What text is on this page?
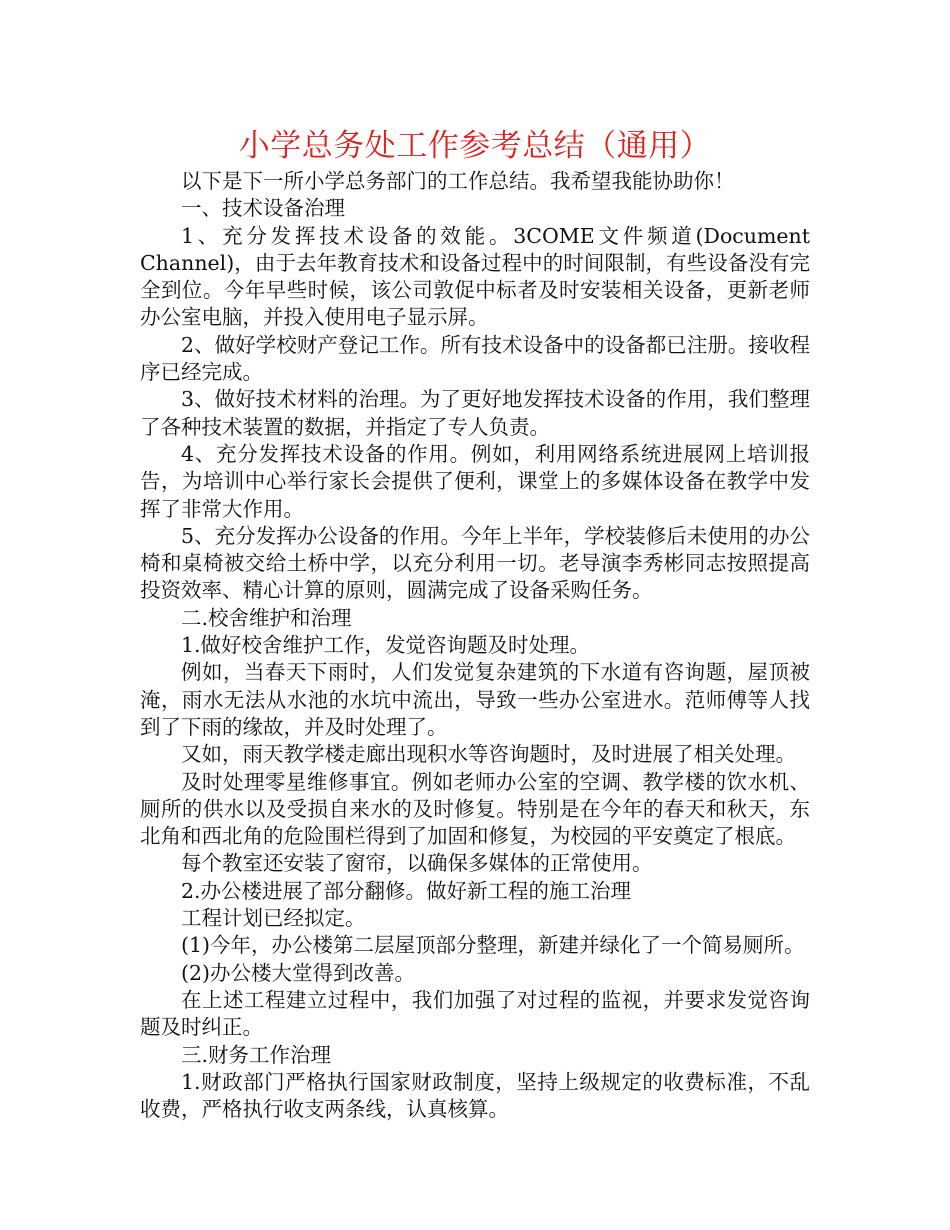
小学总务处工作参考总结（通用）

以下是下一所小学总务部门的工作总结。我希望我能协助你！

一、技术设备治理

1、充分发挥技术设备的效能。3COME文件频道(Document Channel)，由于去年教育技术和设备过程中的时间限制，有些设备没有完全到位。今年早些时候，该公司敦促中标者及时安装相关设备，更新老师办公室电脑，并投入使用电子显示屏。

2、做好学校财产登记工作。所有技术设备中的设备都已注册。接收程序已经完成。

3、做好技术材料的治理。为了更好地发挥技术设备的作用，我们整理了各种技术装置的数据，并指定了专人负责。

4、充分发挥技术设备的作用。例如，利用网络系统进展网上培训报告，为培训中心举行家长会提供了便利，课堂上的多媒体设备在教学中发挥了非常大作用。

5、充分发挥办公设备的作用。今年上半年，学校装修后未使用的办公椅和桌椅被交给土桥中学，以充分利用一切。老导演李秀彬同志按照提高投资效率、精心计算的原则，圆满完成了设备采购任务。

二.校舍维护和治理

1.做好校舍维护工作，发觉咨询题及时处理。

例如，当春天下雨时，人们发觉复杂建筑的下水道有咨询题，屋顶被淹，雨水无法从水池的水坑中流出，导致一些办公室进水。范师傅等人找到了下雨的缘故，并及时处理了。

又如，雨天教学楼走廊出现积水等咨询题时，及时进展了相关处理。

及时处理零星维修事宜。例如老师办公室的空调、教学楼的饮水机、厕所的供水以及受损自来水的及时修复。特别是在今年的春天和秋天，东北角和西北角的危险围栏得到了加固和修复，为校园的平安奠定了根底。

每个教室还安装了窗帘，以确保多媒体的正常使用。

2.办公楼进展了部分翻修。做好新工程的施工治理

工程计划已经拟定。

(1)今年，办公楼第二层屋顶部分整理，新建并绿化了一个简易厕所。

(2)办公楼大堂得到改善。

在上述工程建立过程中，我们加强了对过程的监视，并要求发觉咨询题及时纠正。

三.财务工作治理

1.财政部门严格执行国家财政制度，坚持上级规定的收费标准，不乱收费，严格执行收支两条线，认真核算。
